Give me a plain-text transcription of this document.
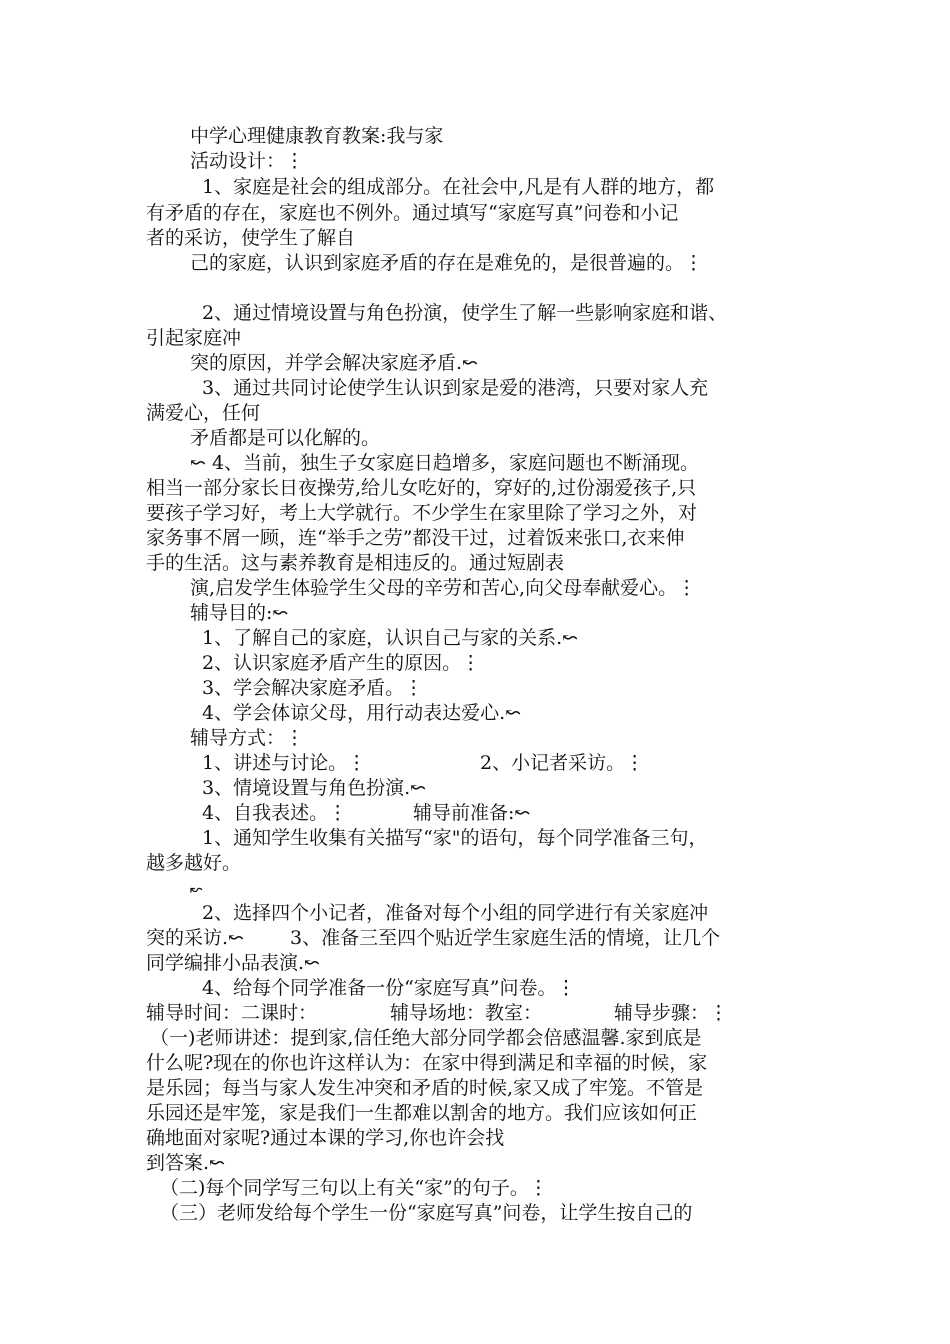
中学心理健康教育教案:我与家
活动设计：⋮
1、家庭是社会的组成部分。在社会中,凡是有人群的地方，都
有矛盾的存在，家庭也不例外。通过填写“家庭写真”问卷和小记
者的采访，使学生了解自
己的家庭，认识到家庭矛盾的存在是难免的，是很普遍的。⋮
2、通过情境设置与角色扮演，使学生了解一些影响家庭和谐、
引起家庭冲
突的原因，并学会解决家庭矛盾.↜
3、通过共同讨论使学生认识到家是爱的港湾，只要对家人充
满爱心，任何
矛盾都是可以化解的。
↜ 4、当前，独生子女家庭日趋增多，家庭问题也不断涌现。
相当一部分家长日夜操劳,给儿女吃好的，穿好的,过份溺爱孩子,只
要孩子学习好，考上大学就行。不少学生在家里除了学习之外，对
家务事不屑一顾，连“举手之劳”都没干过，过着饭来张口,衣来伸
手的生活。这与素养教育是相违反的。通过短剧表
演,启发学生体验学生父母的辛劳和苦心,向父母奉献爱心。⋮
辅导目的:↜
1、了解自己的家庭，认识自己与家的关系.↜
2、认识家庭矛盾产生的原因。⋮
3、学会解决家庭矛盾。⋮
4、学会体谅父母，用行动表达爱心.↜
辅导方式：⋮
1、讲述与讨论。⋮	2、小记者采访。⋮
3、情境设置与角色扮演.↜
4、自我表述。⋮	辅导前准备:↜
1、通知学生收集有关描写“家"的语句，每个同学准备三句，
越多越好。
↜
2、选择四个小记者，准备对每个小组的同学进行有关家庭冲
突的采访.↜ 3、准备三至四个贴近学生家庭生活的情境，让几个
同学编排小品表演.↜
4、给每个同学准备一份“家庭写真”问卷。⋮
辅导时间：二课时：	辅导场地：教室：	辅导步骤：⋮
（一)老师讲述：提到家,信任绝大部分同学都会倍感温馨.家到底是
什么呢?现在的你也许这样认为：在家中得到满足和幸福的时候，家
是乐园；每当与家人发生冲突和矛盾的时候,家又成了牢笼。不管是
乐园还是牢笼，家是我们一生都难以割舍的地方。我们应该如何正
确地面对家呢?通过本课的学习,你也许会找
到答案.↜
（二)每个同学写三句以上有关“家”的句子。⋮
（三）老师发给每个学生一份“家庭写真”问卷，让学生按自己的
